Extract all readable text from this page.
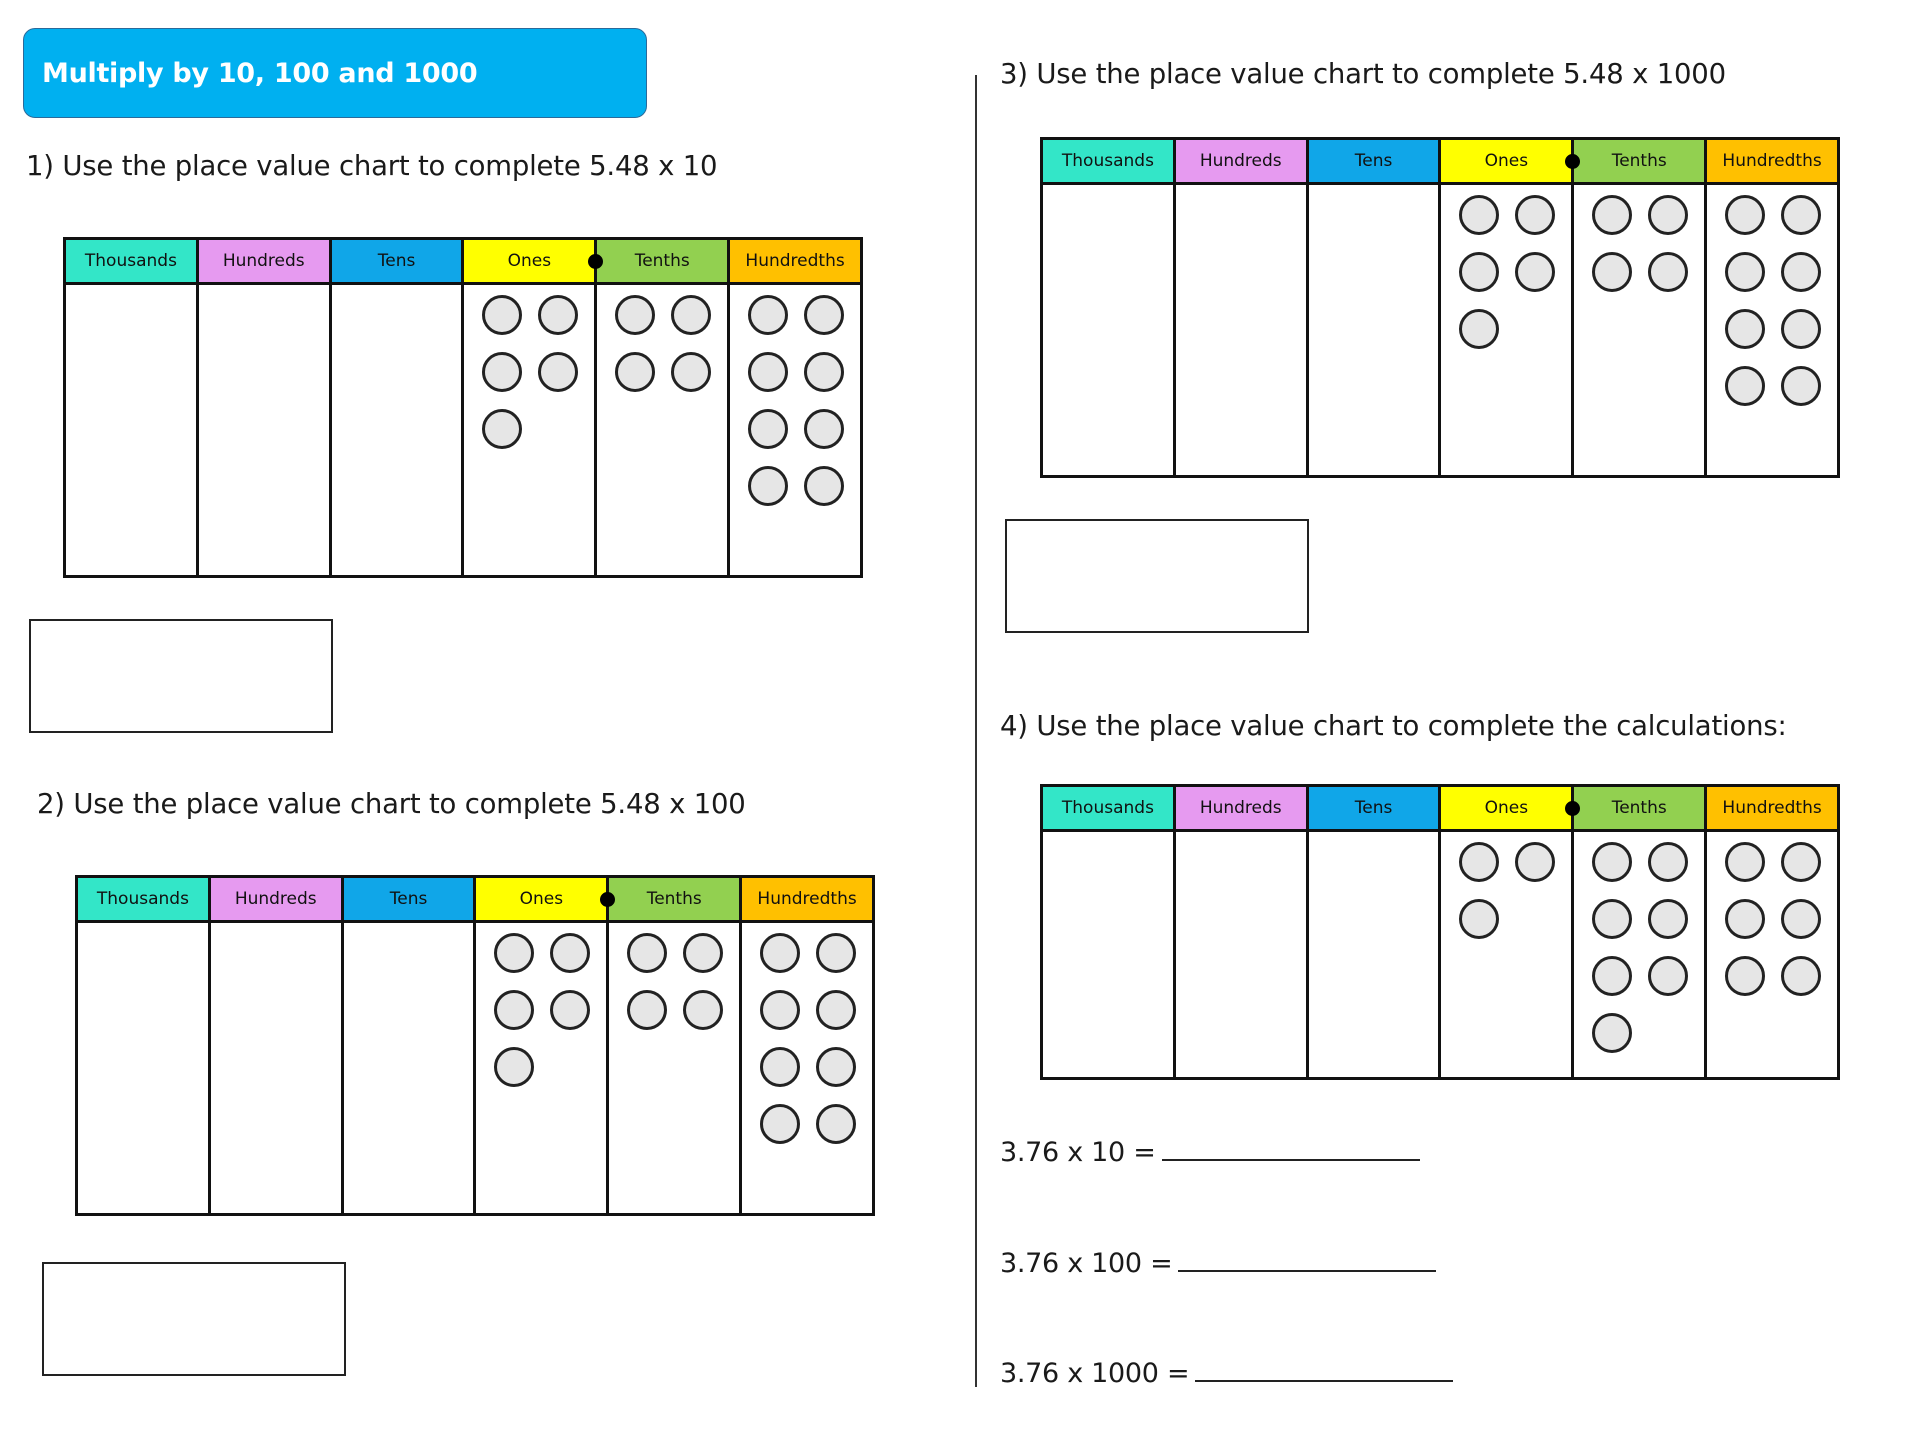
Multiply by 10, 100 and 1000
1) Use the place value chart to complete 5.48 x 10
Thousands	Hundreds	Tens	Ones	Tenths	Hundredths

2) Use the place value chart to complete 5.48 x 100
Thousands	Hundreds	Tens	Ones	Tenths	Hundredths

3) Use the place value chart to complete 5.48 x 1000
Thousands	Hundreds	Tens	Ones	Tenths	Hundredths

4) Use the place value chart to complete the calculations:
Thousands	Hundreds	Tens	Ones	Tenths	Hundredths

3.76 x 10 =
3.76 x 100 =
3.76 x 1000 =
